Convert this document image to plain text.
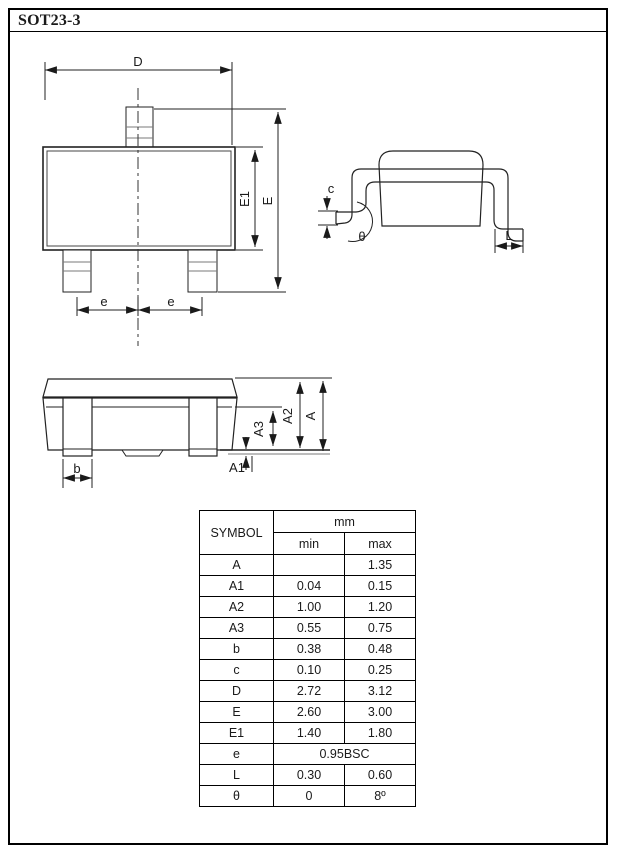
SOT23-3
D
E1 E
e	e
c
θ	L
b	A1
A3
A2 A
SYMBOL	mm	
	min	max
A		1.35
A1	0.04	0.15
A2	1.00	1.20
A3	0.55	0.75
b	0.38	0.48
c	0.10	0.25
D	2.72	3.12
E	2.60	3.00
E1	1.40	1.80
e	0.95BSC	
L	0.30	0.60
θ	0	8º
